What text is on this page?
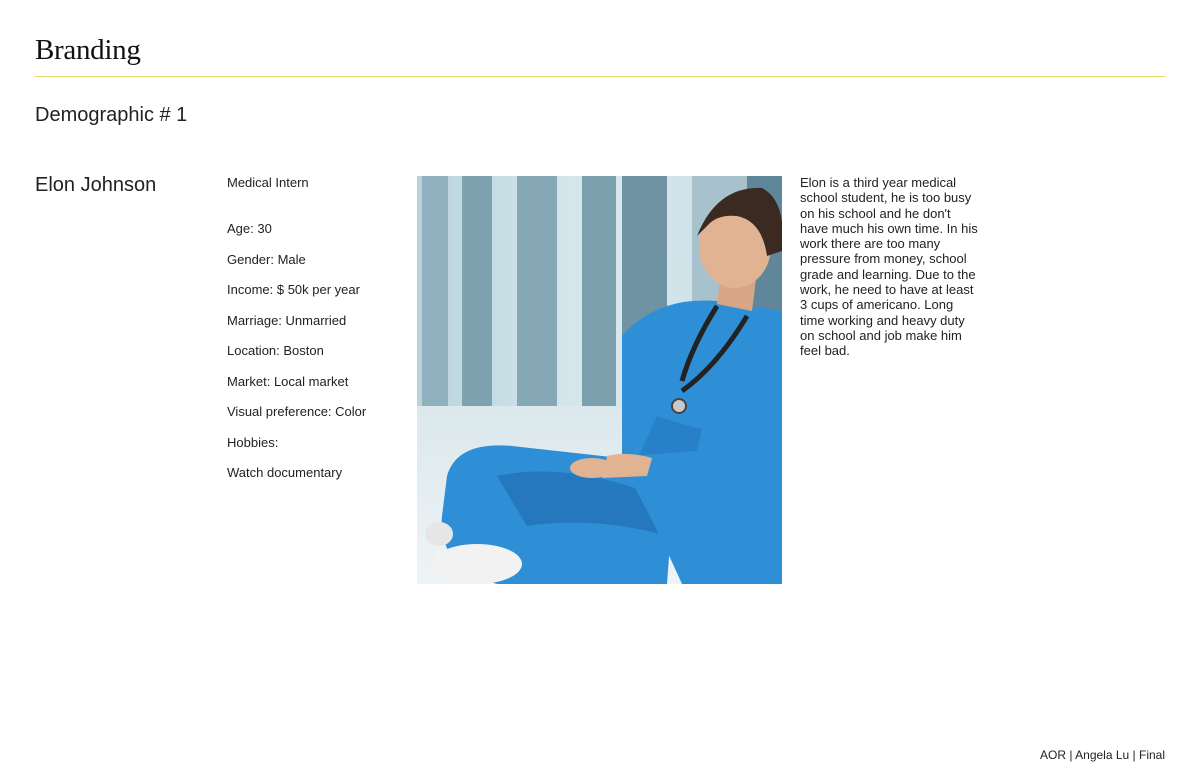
Branding
Demographic # 1
Elon Johnson	Medical Intern
Age: 30
Gender: Male
Income: $ 50k per year
Marriage: Unmarried
Location: Boston
Market: Local market
Visual preference: Color
Hobbies:
Watch documentary
Elon is a third year medical school student, he is too busy on his school and he don't have much his own time. In his work there are too many pressure from money, school grade and learning. Due to the work, he need to have at least 3 cups of americano. Long time working and heavy duty on school and job make him feel bad.
AOR | Angela Lu | Final
